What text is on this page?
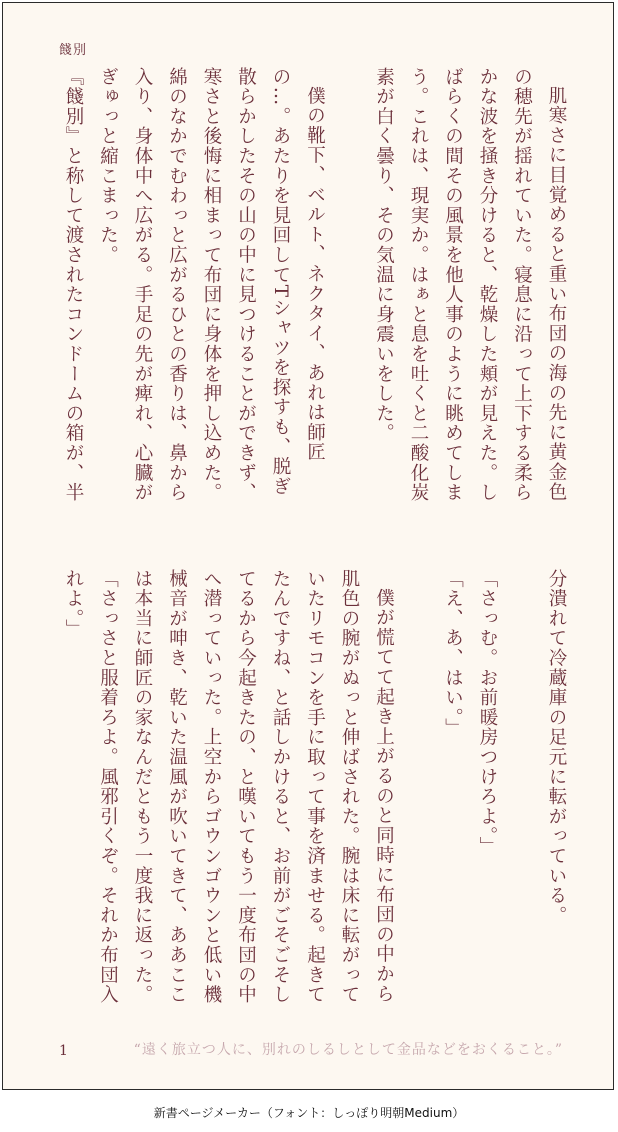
餞別

肌寒さに目覚めると重い布団の海の先に黄金色の穂先が揺れていた。寝息に沿って上下する柔らかな波を掻き分けると、乾燥した頬が見えた。しばらくの間その風景を他人事のように眺めてしまう。これは、現実か。はぁと息を吐くと二酸化炭素が白く曇り、その気温に身震いをした。

僕の靴下、ベルト、ネクタイ、あれは師匠の…。あたりを見回してTシャツを探すも、脱ぎ散らかしたその山の中に見つけることができず、寒さと後悔に相まって布団に身体を押し込めた。綿のなかでむわっと広がるひとの香りは、鼻から入り、身体中へ広がる。手足の先が痺れ、心臓がぎゅっと縮こまった。

『餞別』と称して渡されたコンドームの箱が、半

分潰れて冷蔵庫の足元に転がっている。

「さっむ。お前暖房つけろよ。」

「え、あ、はい。」

僕が慌てて起き上がるのと同時に布団の中から肌色の腕がぬっと伸ばされた。腕は床に転がっていたリモコンを手に取って事を済ませる。起きてたんですね、と話しかけると、お前がごそごそしてるから今起きたの、と嘆いてもう一度布団の中へ潜っていった。上空からゴウンゴウンと低い機械音が呻き、乾いた温風が吹いてきて、ああここは本当に師匠の家なんだともう一度我に返った。

「さっさと服着ろよ。風邪引くぞ。それか布団入れよ。」

1	“遠く旅立つ人に、別れのしるしとして金品などをおくること。”
新書ページメーカー（フォント：しっぽり明朝Medium）
